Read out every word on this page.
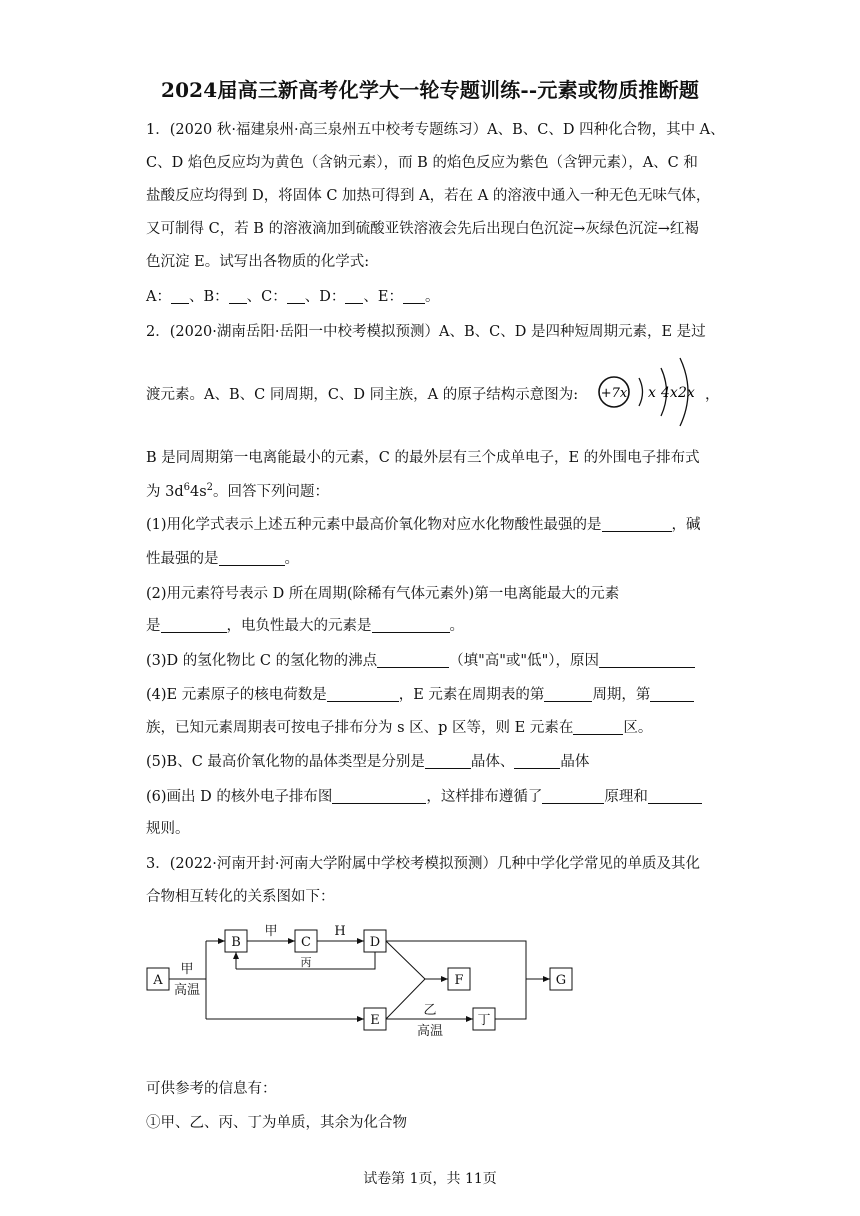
2024届高三新高考化学大一轮专题训练--元素或物质推断题
1．(2020 秋·福建泉州·高三泉州五中校考专题练习）A、B、C、D 四种化合物，其中 A、
C、D 焰色反应均为黄色（含钠元素），而 B 的焰色反应为紫色（含钾元素），A、C 和
盐酸反应均得到 D，将固体 C 加热可得到 A，若在 A 的溶液中通入一种无色无味气体，
又可制得 C，若 B 的溶液滴加到硫酸亚铁溶液会先后出现白色沉淀→灰绿色沉淀→红褐
色沉淀 E。试写出各物质的化学式:
A： 、B： 、C： 、D： 、E： 。
2．(2020·湖南岳阳·岳阳一中校考模拟预测）A、B、C、D 是四种短周期元素，E 是过
渡元素。A、B、C 同周期，C、D 同主族，A 的原子结构示意图为: +7x x 4x 2x ，
B 是同周期第一电离能最小的元素，C 的最外层有三个成单电子，E 的外围电子排布式
为 $3d^64s^2$。回答下列问题：
(1)用化学式表示上述五种元素中最高价氧化物对应水化物酸性最强的是	，碱
性最强的是	。
(2)用元素符号表示 D 所在周期(除稀有气体元素外)第一电离能最大的元素
是	，电负性最大的元素是	。
(3)D 的氢化物比 C 的氢化物的沸点	（填"高"或"低"），原因
(4)E 元素原子的核电荷数是	，E 元素在周期表的第	周期，第
族，已知元素周期表可按电子排布分为 s 区、p 区等，则 E 元素在	区。
(5)B、C 最高价氧化物的晶体类型是分别是	晶体、	晶体
(6)画出 D 的核外电子排布图	，这样排布遵循了	原理和
规则。
3．(2022·河南开封·河南大学附属中学校考模拟预测）几种中学化学常见的单质及其化
合物相互转化的关系图如下：
A
B	C	D
F
E	丁
G
甲
高温
甲	H
丙
乙
高温
可供参考的信息有：
①甲、乙、丙、丁为单质，其余为化合物
试卷第 1页，共 11页
